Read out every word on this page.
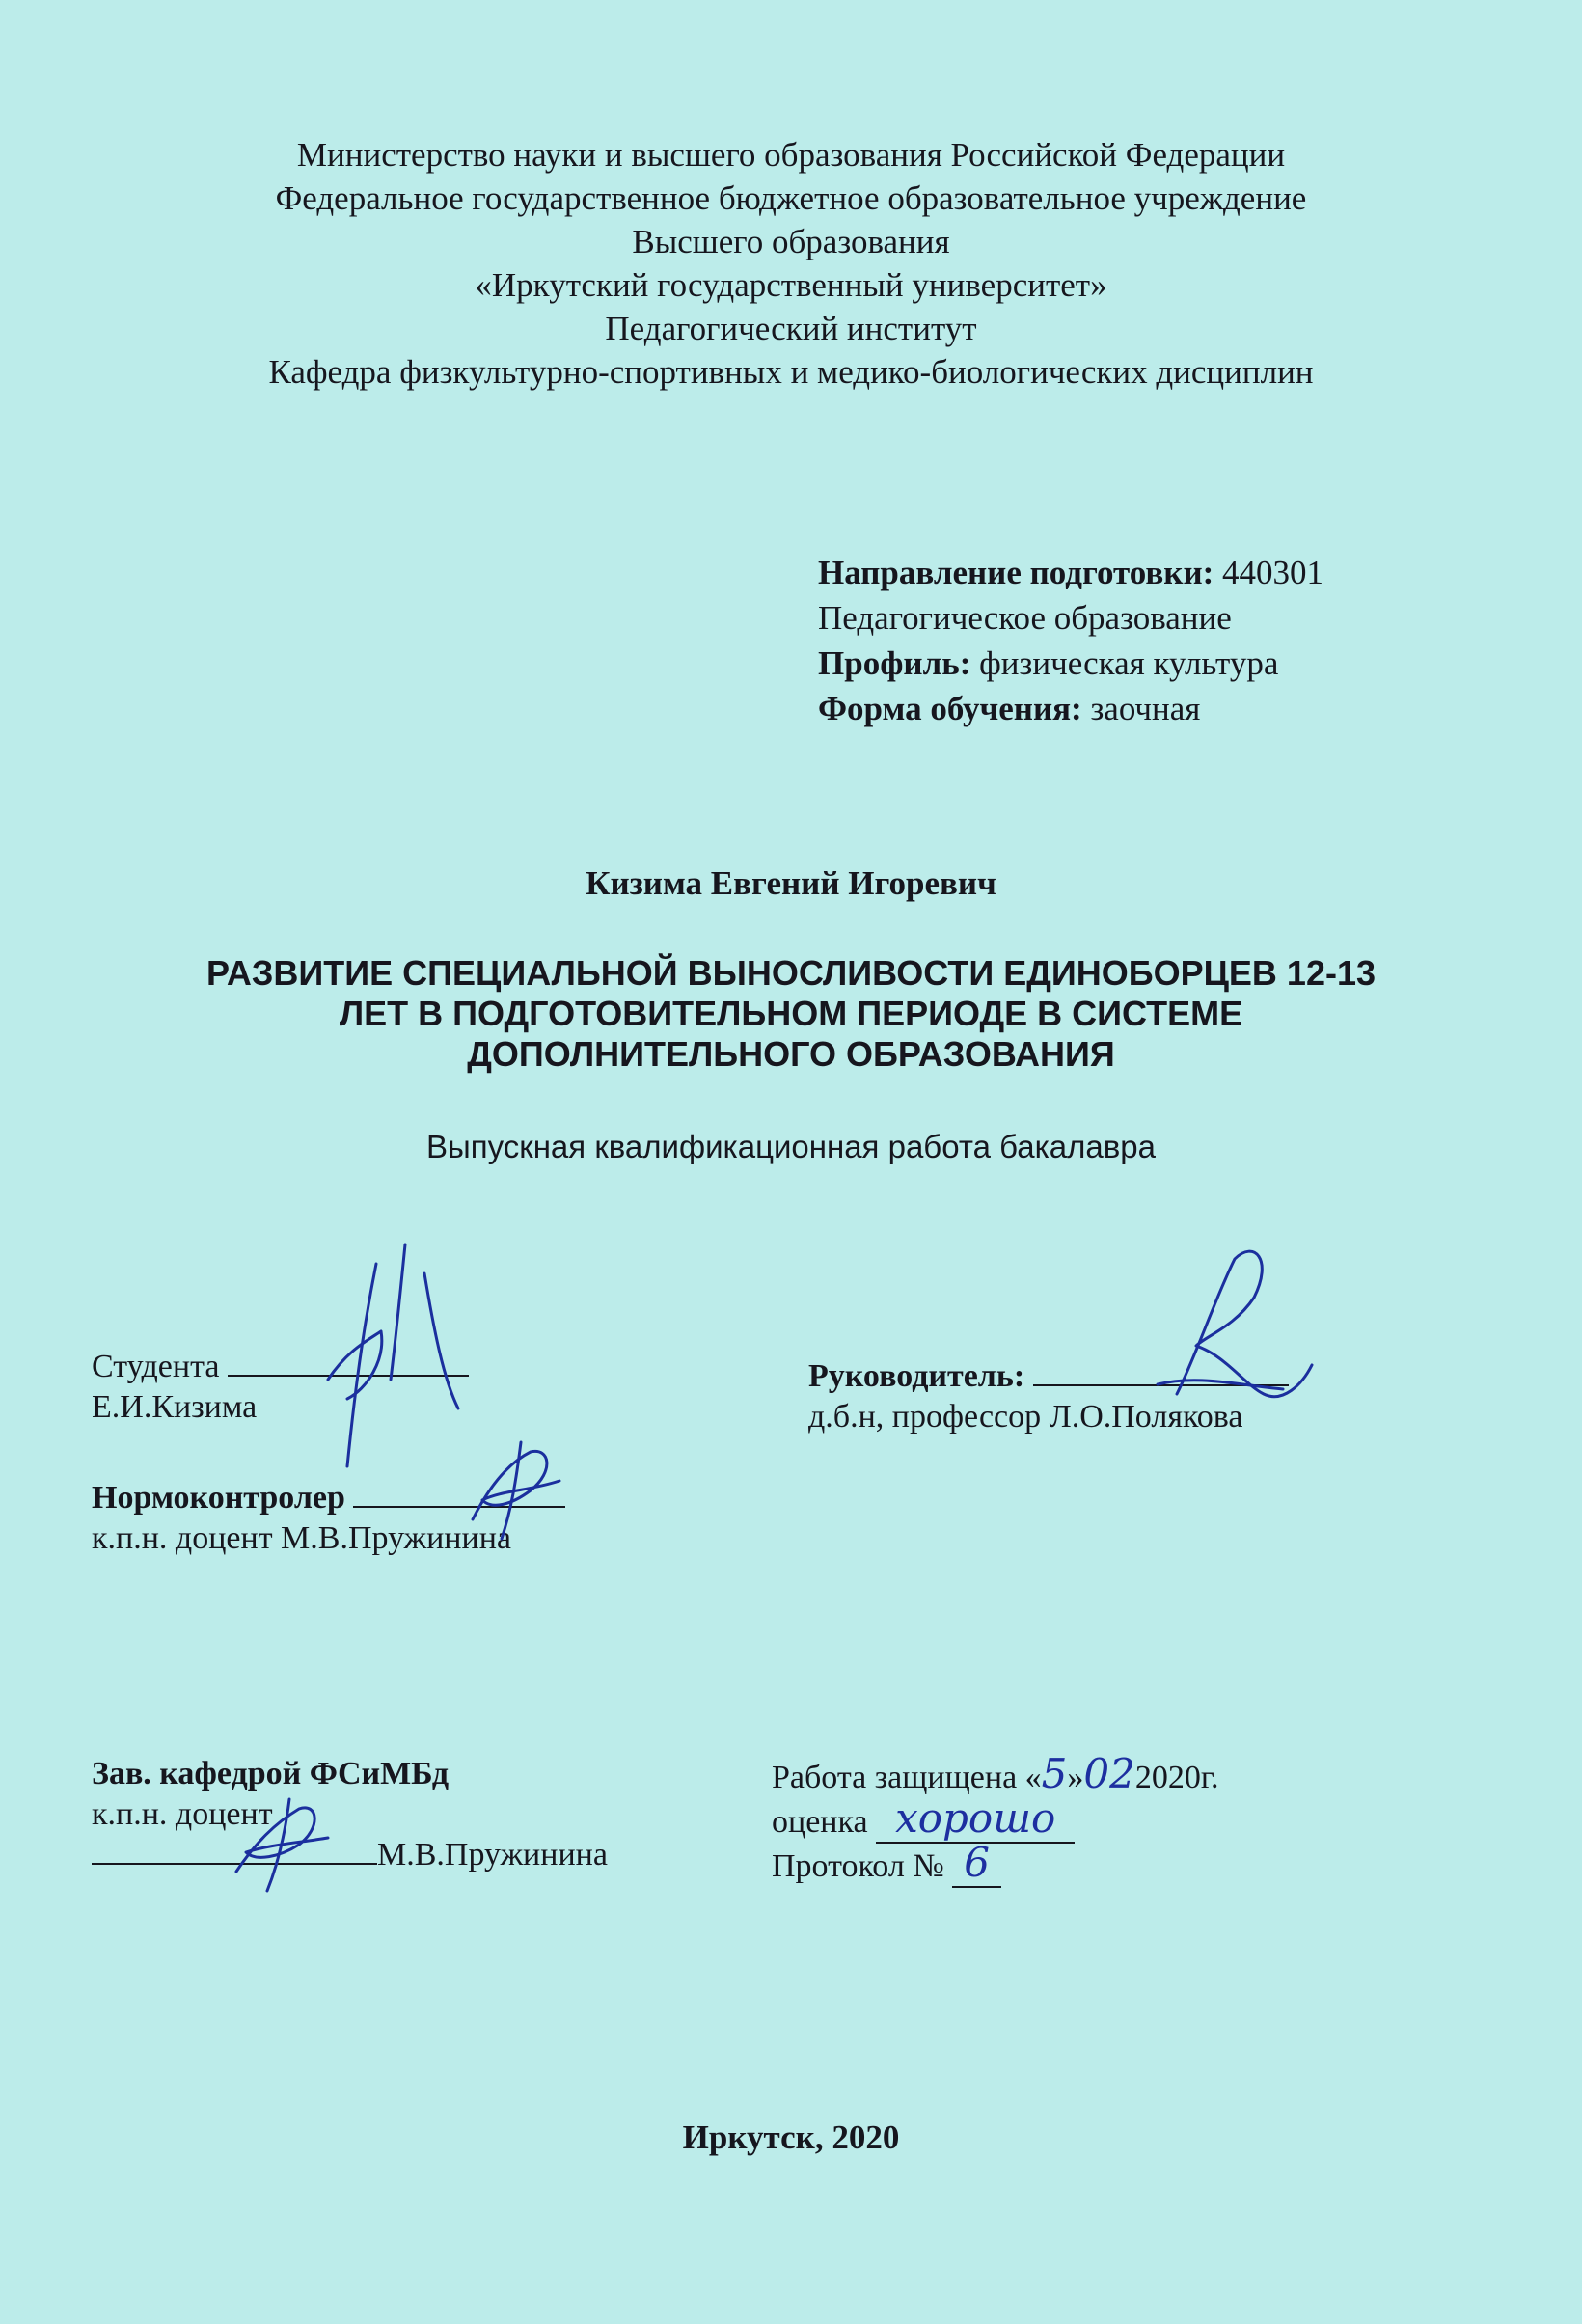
Министерство науки и высшего образования Российской Федерации
Федеральное государственное бюджетное образовательное учреждение
Высшего образования
«Иркутский государственный университет»
Педагогический институт
Кафедра физкультурно-спортивных и медико-биологических дисциплин
Направление подготовки: 440301
Педагогическое образование
Профиль: физическая культура
Форма обучения: заочная
Кизима Евгений Игоревич
РАЗВИТИЕ СПЕЦИАЛЬНОЙ ВЫНОСЛИВОСТИ ЕДИНОБОРЦЕВ 12-13
ЛЕТ В ПОДГОТОВИТЕЛЬНОМ ПЕРИОДЕ В СИСТЕМЕ
ДОПОЛНИТЕЛЬНОГО ОБРАЗОВАНИЯ
Выпускная квалификационная работа бакалавра
Студента
Е.И.Кизима
Руководитель:
д.б.н, профессор Л.О.Полякова
Нормоконтролер
к.п.н. доцент М.В.Пружинина
Зав. кафедрой ФСиМБд
к.п.н. доцент
М.В.Пружинина
Работа защищена «5»022020г.
оценка хорошо
Протокол № 6
Иркутск, 2020
